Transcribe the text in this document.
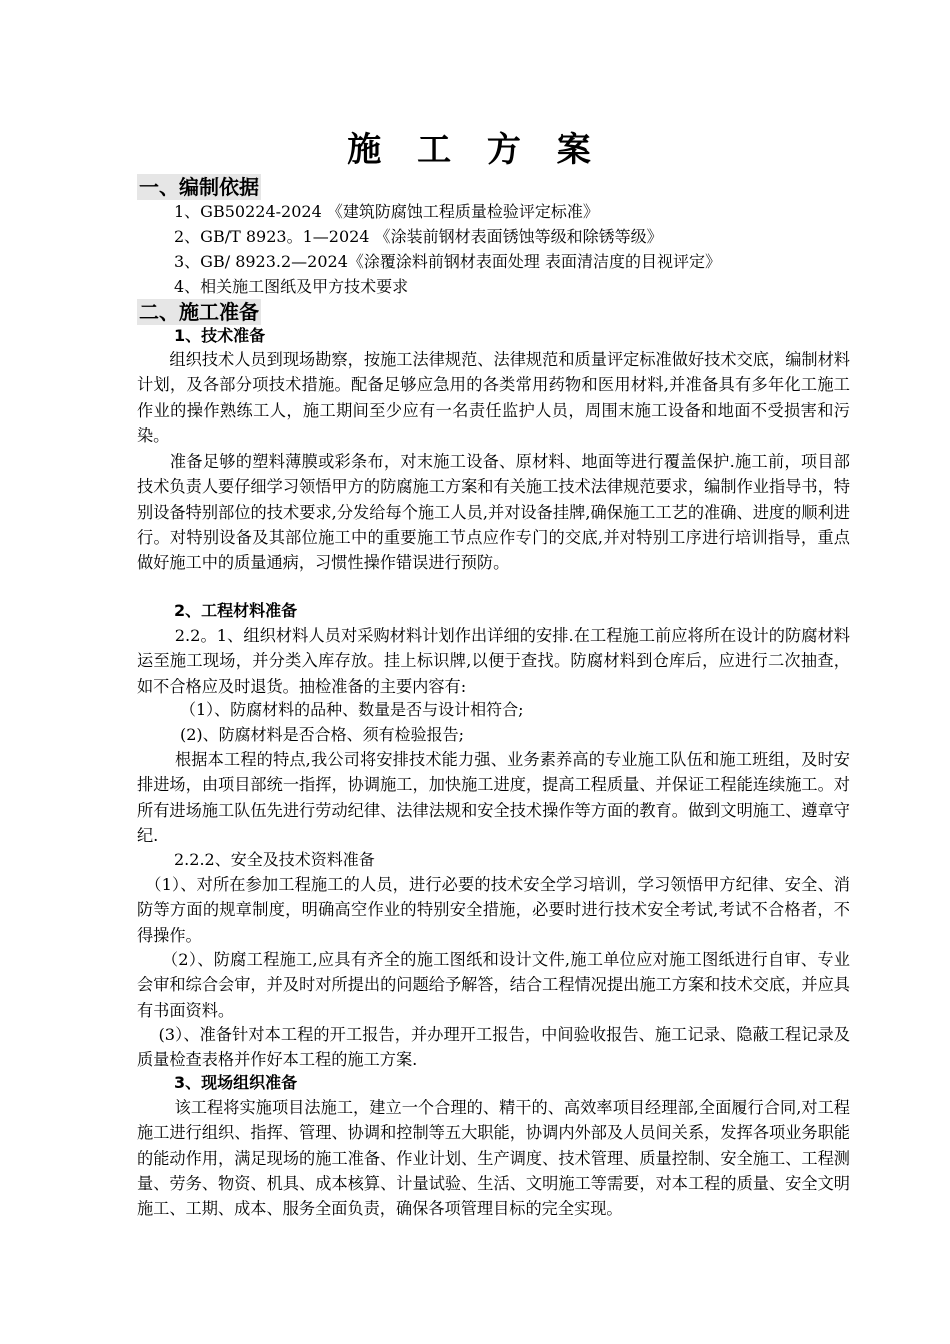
施 工 方 案
一、编制依据
1、GB50224-2024 《建筑防腐蚀工程质量检验评定标准》
2、GB/T 8923。1—2024 《涂装前钢材表面锈蚀等级和除锈等级》
3、GB/ 8923.2—2024《涂覆涂料前钢材表面处理 表面清洁度的目视评定》
4、相关施工图纸及甲方技术要求
二、施工准备
1、技术准备
　　组织技术人员到现场勘察，按施工法律规范、法律规范和质量评定标准做好技术交底，编制材料计划，及各部分项技术措施。配备足够应急用的各类常用药物和医用材料,并准备具有多年化工施工作业的操作熟练工人，施工期间至少应有一名责任监护人员，周围末施工设备和地面不受损害和污染。
　　准备足够的塑料薄膜或彩条布，对末施工设备、原材料、地面等进行覆盖保护.施工前，项目部技术负责人要仔细学习领悟甲方的防腐施工方案和有关施工技术法律规范要求，编制作业指导书，特别设备特别部位的技术要求,分发给每个施工人员,并对设备挂牌,确保施工工艺的准确、进度的顺利进行。对特别设备及其部位施工中的重要施工节点应作专门的交底,并对特别工序进行培训指导，重点做好施工中的质量通病，习惯性操作错误进行预防。
2、工程材料准备
　　 2.2。1、组织材料人员对采购材料计划作出详细的安排.在工程施工前应将所在设计的防腐材料运至施工现场，并分类入库存放。挂上标识牌,以便于查找。防腐材料到仓库后，应进行二次抽查，如不合格应及时退货。抽检准备的主要内容有:
（1）、防腐材料的品种、数量是否与设计相符合;
(2)、防腐材料是否合格、须有检验报告;
　　 根据本工程的特点,我公司将安排技术能力强、业务素养高的专业施工队伍和施工班组，及时安排进场，由项目部统一指挥，协调施工，加快施工进度，提高工程质量、并保证工程能连续施工。对所有进场施工队伍先进行劳动纪律、法律法规和安全技术操作等方面的教育。做到文明施工、遵章守纪.
2.2.2、安全及技术资料准备
　（1）、对所在参加工程施工的人员，进行必要的技术安全学习培训，学习领悟甲方纪律、安全、消防等方面的规章制度，明确高空作业的特别安全措施，必要时进行技术安全考试,考试不合格者，不得操作。
　　（2）、防腐工程施工,应具有齐全的施工图纸和设计文件,施工单位应对施工图纸进行自审、专业会审和综合会审，并及时对所提出的问题给予解答，结合工程情况提出施工方案和技术交底，并应具有书面资料。
　 (3）、准备针对本工程的开工报告，并办理开工报告，中间验收报告、施工记录、隐蔽工程记录及质量检查表格并作好本工程的施工方案.
3、现场组织准备
　　 该工程将实施项目法施工，建立一个合理的、精干的、高效率项目经理部,全面履行合同,对工程施工进行组织、指挥、管理、协调和控制等五大职能，协调内外部及人员间关系，发挥各项业务职能的能动作用，满足现场的施工准备、作业计划、生产调度、技术管理、质量控制、安全施工、工程测量、劳务、物资、机具、成本核算、计量试验、生活、文明施工等需要，对本工程的质量、安全文明施工、工期、成本、服务全面负责，确保各项管理目标的完全实现。
